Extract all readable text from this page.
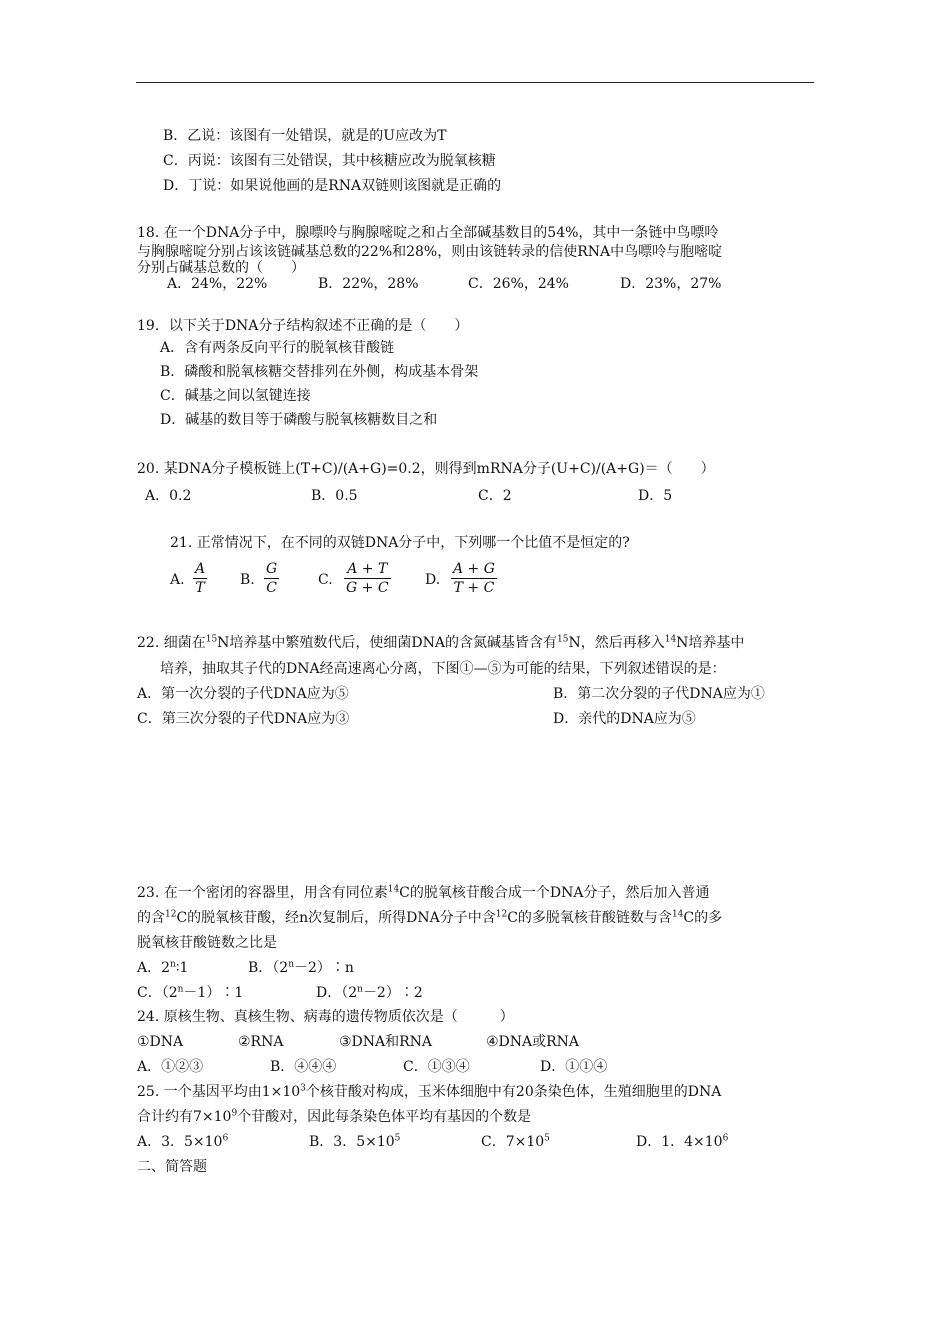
B．乙说：该图有一处错误，就是的U应改为T
C．丙说：该图有三处错误，其中核糖应改为脱氧核糖
D．丁说：如果说他画的是RNA双链则该图就是正确的
18. 在一个DNA分子中，腺嘌呤与胸腺嘧啶之和占全部碱基数目的54%，其中一条链中鸟嘌呤
与胸腺嘧啶分别占该该链碱基总数的22%和28%，则由该链转录的信使RNA中鸟嘌呤与胞嘧啶
分别占碱基总数的（　　）
A．24%，22%	B．22%，28%	C．26%，24%	D．23%，27%
19．以下关于DNA分子结构叙述不正确的是（　　）
A．含有两条反向平行的脱氧核苷酸链
B．磷酸和脱氧核糖交替排列在外侧，构成基本骨架
C．碱基之间以氢键连接
D．碱基的数目等于磷酸与脱氧核糖数目之和
20. 某DNA分子模板链上(T+C)/(A+G)=0.2，则得到mRNA分子(U+C)/(A+G)＝（　　）
A．0.2	B．0.5	C．2	D．5
21. 正常情况下，在不同的双链DNA分子中，下列哪一个比值不是恒定的?
A. $\frac{A}{T} B$. $\frac{G}{C}$	C. $\frac{A + T}{G + C} D$. $\frac{A + G}{T + C}$
22. 细菌在$^{15}$N培养基中繁殖数代后，使细菌DNA的含氮碱基皆含有$^{15}$N，然后再移入$^{14}$N培养基中
培养，抽取其子代的DNA经高速离心分离，下图①—⑤为可能的结果，下列叙述错误的是：
A．第一次分裂的子代DNA应为⑤	B．第二次分裂的子代DNA应为①
C．第三次分裂的子代DNA应为③	D．亲代的DNA应为⑤
23. 在一个密闭的容器里，用含有同位素$^{14}$C的脱氧核苷酸合成一个DNA分子，然后加入普通
的含$^{12}$C的脱氧核苷酸，经n次复制后，所得DNA分子中含$^{12}$C的多脱氧核苷酸链数与含$^{14}$C的多
脱氧核苷酸链数之比是
A．2$^n$∶1	B．$(2^n-2)∶n$
C．$(2^n-1)∶1$	D．$(2^n-2)∶2$
24. 原核生物、真核生物、病毒的遗传物质依次是（　　　）
①DNA	②RNA	③DNA和RNA	④DNA或RNA
A．①②③	B．④④④	C．①③④	D．①①④
25. 一个基因平均由$1\times 10^3$个核苷酸对构成，玉米体细胞中有20条染色体，生殖细胞里的DNA
合计约有$7\times 10^9$个苷酸对，因此每条染色体平均有基因的个数是
A．3．$5\times 10^6$	B．3．$5\times 10^5$	C．$7\times 10^5$	D．1．$4\times 10^6$
二、简答题
